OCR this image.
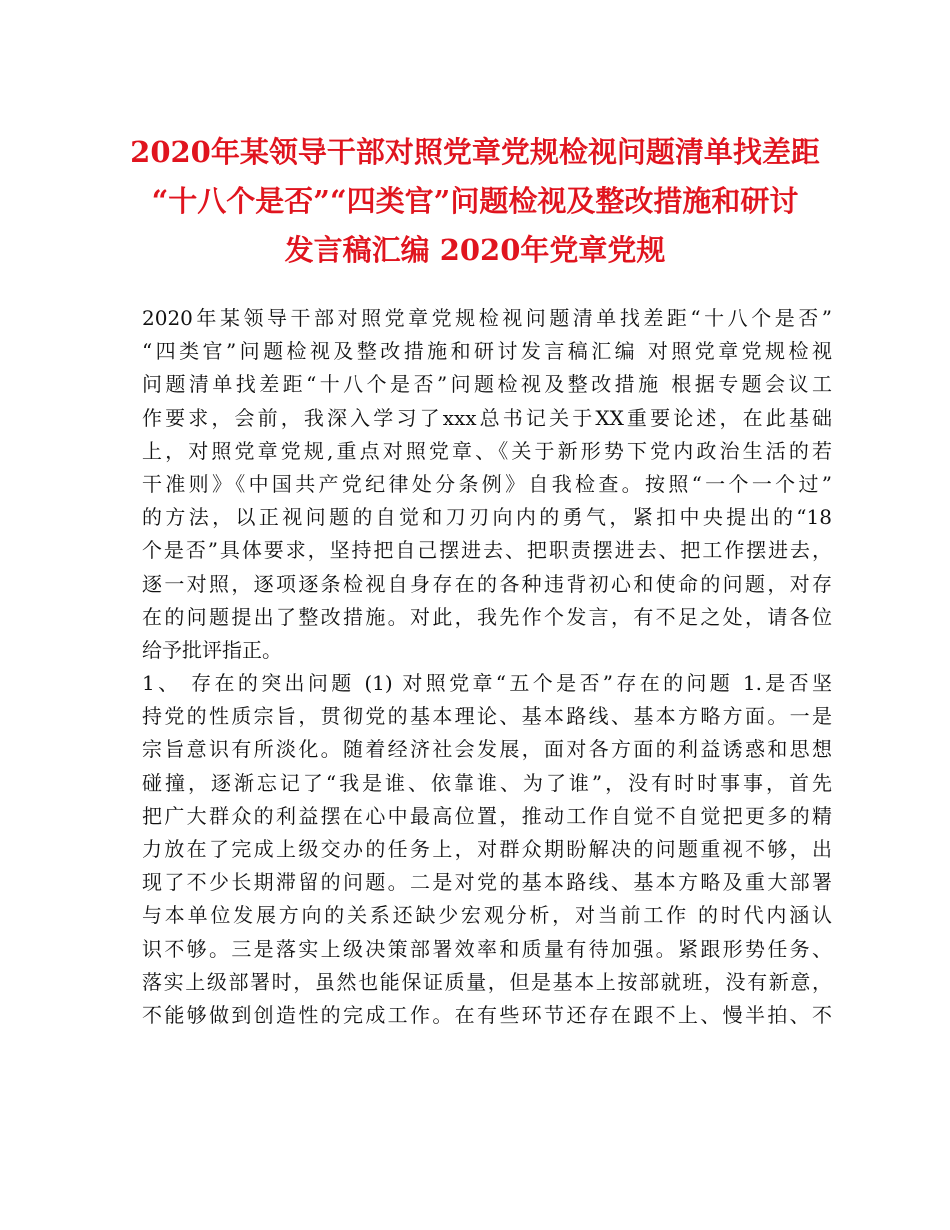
2020年某领导干部对照党章党规检视问题清单找差距
“十八个是否”“四类官”问题检视及整改措施和研讨
发言稿汇编 2020年党章党规
2020年某领导干部对照党章党规检视问题清单找差距“十八个是否”
“四类官”问题检视及整改措施和研讨发言稿汇编 对照党章党规检视
问题清单找差距“十八个是否”问题检视及整改措施 根据专题会议工
作要求，会前，我深入学习了xxx总书记关于XX重要论述，在此基础
上，对照党章党规,重点对照党章、《关于新形势下党内政治生活的若
干准则》《中国共产党纪律处分条例》自我检查。按照“一个一个过”
的方法，以正视问题的自觉和刀刃向内的勇气，紧扣中央提出的“18
个是否”具体要求，坚持把自己摆进去、把职责摆进去、把工作摆进去，
逐一对照，逐项逐条检视自身存在的各种违背初心和使命的问题，对存
在的问题提出了整改措施。对此，我先作个发言，有不足之处，请各位
给予批评指正。
1、 存在的突出问题 (1) 对照党章“五个是否”存在的问题 1.是否坚
持党的性质宗旨，贯彻党的基本理论、基本路线、基本方略方面。一是
宗旨意识有所淡化。随着经济社会发展，面对各方面的利益诱惑和思想
碰撞，逐渐忘记了“我是谁、依靠谁、为了谁”，没有时时事事，首先
把广大群众的利益摆在心中最高位置，推动工作自觉不自觉把更多的精
力放在了完成上级交办的任务上，对群众期盼解决的问题重视不够，出
现了不少长期滞留的问题。二是对党的基本路线、基本方略及重大部署
与本单位发展方向的关系还缺少宏观分析，对当前工作 的时代内涵认
识不够。三是落实上级决策部署效率和质量有待加强。紧跟形势任务、
落实上级部署时，虽然也能保证质量，但是基本上按部就班，没有新意，
不能够做到创造性的完成工作。在有些环节还存在跟不上、慢半拍、不
